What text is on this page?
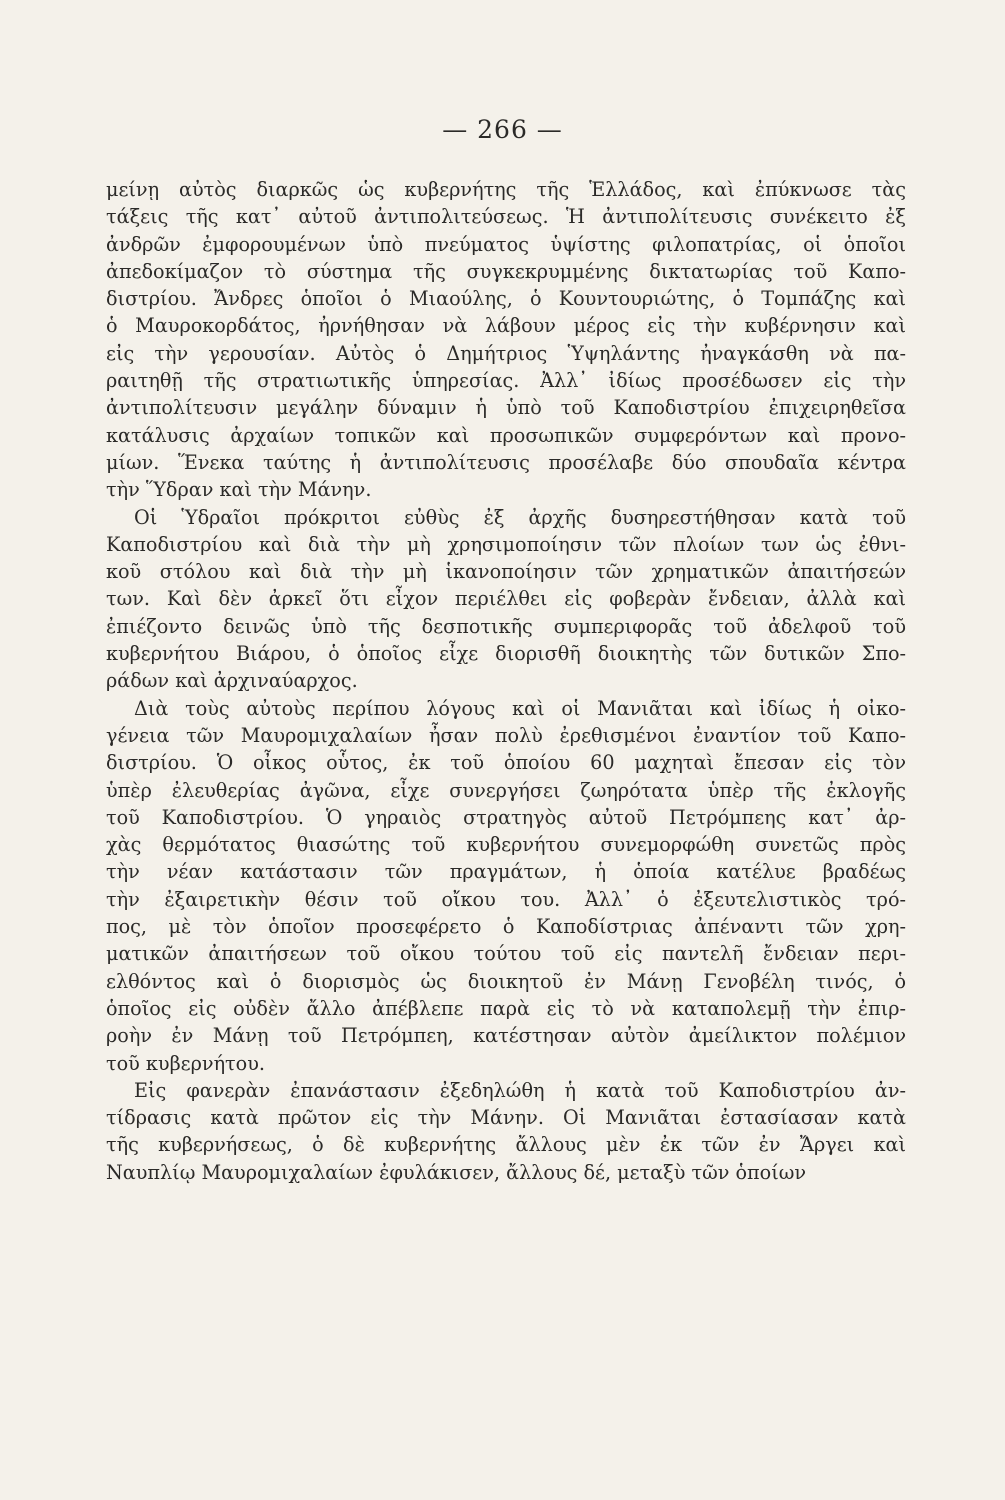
— 266 —
μείνῃ αὐτὸς διαρκῶς ὡς κυβερνήτης τῆς Ἑλλάδος, καὶ ἐπύκνωσε τὰς
τάξεις τῆς κατ᾽ αὐτοῦ ἀντιπολιτεύσεως. Ἡ ἀντιπολίτευσις συνέκειτο ἐξ
ἀνδρῶν ἐμφορουμένων ὑπὸ πνεύματος ὑψίστης φιλοπατρίας, οἱ ὁποῖοι
ἀπεδοκίμαζον τὸ σύστημα τῆς συγκεκρυμμένης δικτατωρίας τοῦ Καπο-
διστρίου. Ἄνδρες ὁποῖοι ὁ Μιαούλης, ὁ Κουντουριώτης, ὁ Τομπάζης καὶ
ὁ Μαυροκορδάτος, ἠρνήθησαν νὰ λάβουν μέρος εἰς τὴν κυβέρνησιν καὶ
εἰς τὴν γερουσίαν. Αὐτὸς ὁ Δημήτριος Ὑψηλάντης ἠναγκάσθη νὰ πα-
ραιτηθῇ τῆς στρατιωτικῆς ὑπηρεσίας. Ἀλλ᾽ ἰδίως προσέδωσεν εἰς τὴν
ἀντιπολίτευσιν μεγάλην δύναμιν ἡ ὑπὸ τοῦ Καποδιστρίου ἐπιχειρηθεῖσα
κατάλυσις ἀρχαίων τοπικῶν καὶ προσωπικῶν συμφερόντων καὶ προνο-
μίων. Ἕνεκα ταύτης ἡ ἀντιπολίτευσις προσέλαβε δύο σπουδαῖα κέντρα
τὴν Ὕδραν καὶ τὴν Μάνην.
Οἱ Ὑδραῖοι πρόκριτοι εὐθὺς ἐξ ἀρχῆς δυσηρεστήθησαν κατὰ τοῦ
Καποδιστρίου καὶ διὰ τὴν μὴ χρησιμοποίησιν τῶν πλοίων των ὡς ἐθνι-
κοῦ στόλου καὶ διὰ τὴν μὴ ἱκανοποίησιν τῶν χρηματικῶν ἀπαιτήσεών
των. Καὶ δὲν ἀρκεῖ ὅτι εἶχον περιέλθει εἰς φοβερὰν ἔνδειαν, ἀλλὰ καὶ
ἐπιέζοντο δεινῶς ὑπὸ τῆς δεσποτικῆς συμπεριφορᾶς τοῦ ἀδελφοῦ τοῦ
κυβερνήτου Βιάρου, ὁ ὁποῖος εἶχε διορισθῆ διοικητὴς τῶν δυτικῶν Σπο-
ράδων καὶ ἀρχιναύαρχος.
Διὰ τοὺς αὐτοὺς περίπου λόγους καὶ οἱ Μανιᾶται καὶ ἰδίως ἡ οἰκο-
γένεια τῶν Μαυρομιχαλαίων ἦσαν πολὺ ἐρεθισμένοι ἐναντίον τοῦ Καπο-
διστρίου. Ὁ οἶκος οὗτος, ἐκ τοῦ ὁποίου 60 μαχηταὶ ἔπεσαν εἰς τὸν
ὑπὲρ ἐλευθερίας ἀγῶνα, εἶχε συνεργήσει ζωηρότατα ὑπὲρ τῆς ἐκλογῆς
τοῦ Καποδιστρίου. Ὁ γηραιὸς στρατηγὸς αὐτοῦ Πετρόμπεης κατ᾽ ἀρ-
χὰς θερμότατος θιασώτης τοῦ κυβερνήτου συνεμορφώθη συνετῶς πρὸς
τὴν νέαν κατάστασιν τῶν πραγμάτων, ἡ ὁποία κατέλυε βραδέως
τὴν ἐξαιρετικὴν θέσιν τοῦ οἴκου του. Ἀλλ᾽ ὁ ἐξευτελιστικὸς τρό-
πος, μὲ τὸν ὁποῖον προσεφέρετο ὁ Καποδίστριας ἀπέναντι τῶν χρη-
ματικῶν ἀπαιτήσεων τοῦ οἴκου τούτου τοῦ εἰς παντελῆ ἔνδειαν περι-
ελθόντος καὶ ὁ διορισμὸς ὡς διοικητοῦ ἐν Μάνῃ Γενοβέλη τινός, ὁ
ὁποῖος εἰς οὐδὲν ἄλλο ἀπέβλεπε παρὰ εἰς τὸ νὰ καταπολεμῇ τὴν ἐπιρ-
ροὴν ἐν Μάνῃ τοῦ Πετρόμπεη, κατέστησαν αὐτὸν ἀμείλικτον πολέμιον
τοῦ κυβερνήτου.
Εἰς φανερὰν ἐπανάστασιν ἐξεδηλώθη ἡ κατὰ τοῦ Καποδιστρίου ἀν-
τίδρασις κατὰ πρῶτον εἰς τὴν Μάνην. Οἱ Μανιᾶται ἐστασίασαν κατὰ
τῆς κυβερνήσεως, ὁ δὲ κυβερνήτης ἄλλους μὲν ἐκ τῶν ἐν Ἄργει καὶ
Ναυπλίῳ Μαυρομιχαλαίων ἐφυλάκισεν, ἄλλους δέ, μεταξὺ τῶν ὁποίων
